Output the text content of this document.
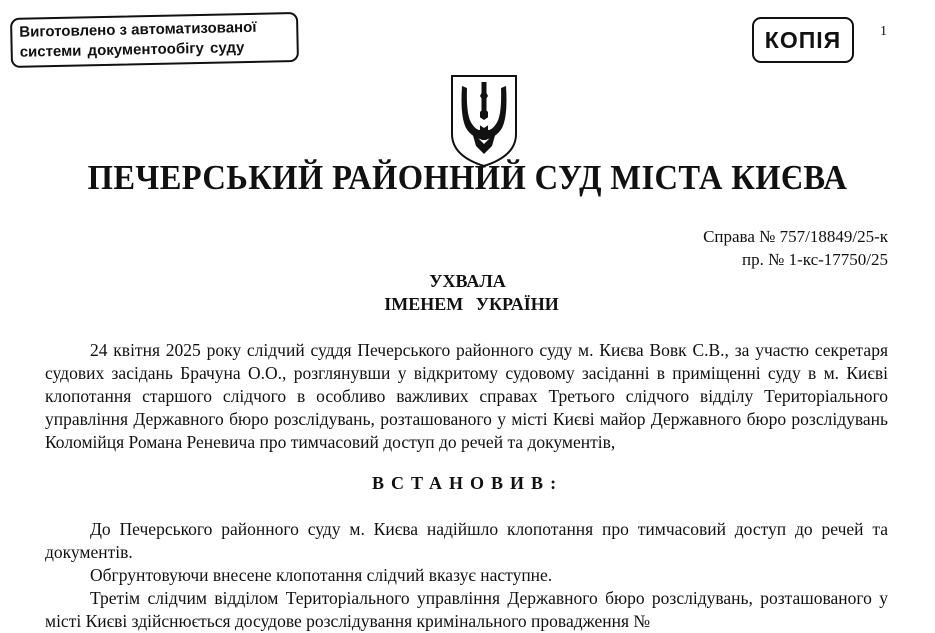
Виготовлено з автоматизованої
системи документообігу суду	КОПІЯ	1
ПЕЧЕРСЬКИЙ РАЙОННИЙ СУД МІСТА КИЄВА
Справа № 757/18849/25-к
пр. № 1-кс-17750/25
УХВАЛА
ІМЕНЕМ УКРАЇНИ
24 квітня 2025 року слідчий суддя Печерського районного суду м. Києва Вовк С.В., за участю секретаря судових засідань Брачуна О.О., розглянувши у відкритому судовому засіданні в приміщенні суду в м. Києві клопотання старшого слідчого в особливо важливих справах Третього слідчого відділу Територіального управління Державного бюро розслідувань, розташованого у місті Києві майор Державного бюро розслідувань Коломійця Романа Реневича про тимчасовий доступ до речей та документів,
ВСТАНОВИВ:
До Печерського районного суду м. Києва надійшло клопотання про тимчасовий доступ до речей та документів.
Обгрунтовуючи внесене клопотання слідчий вказує наступне.
Третім слідчим відділом Територіального управління Державного бюро розслідувань, розташованого у місті Києві здійснюється досудове розслідування кримінального провадження №
